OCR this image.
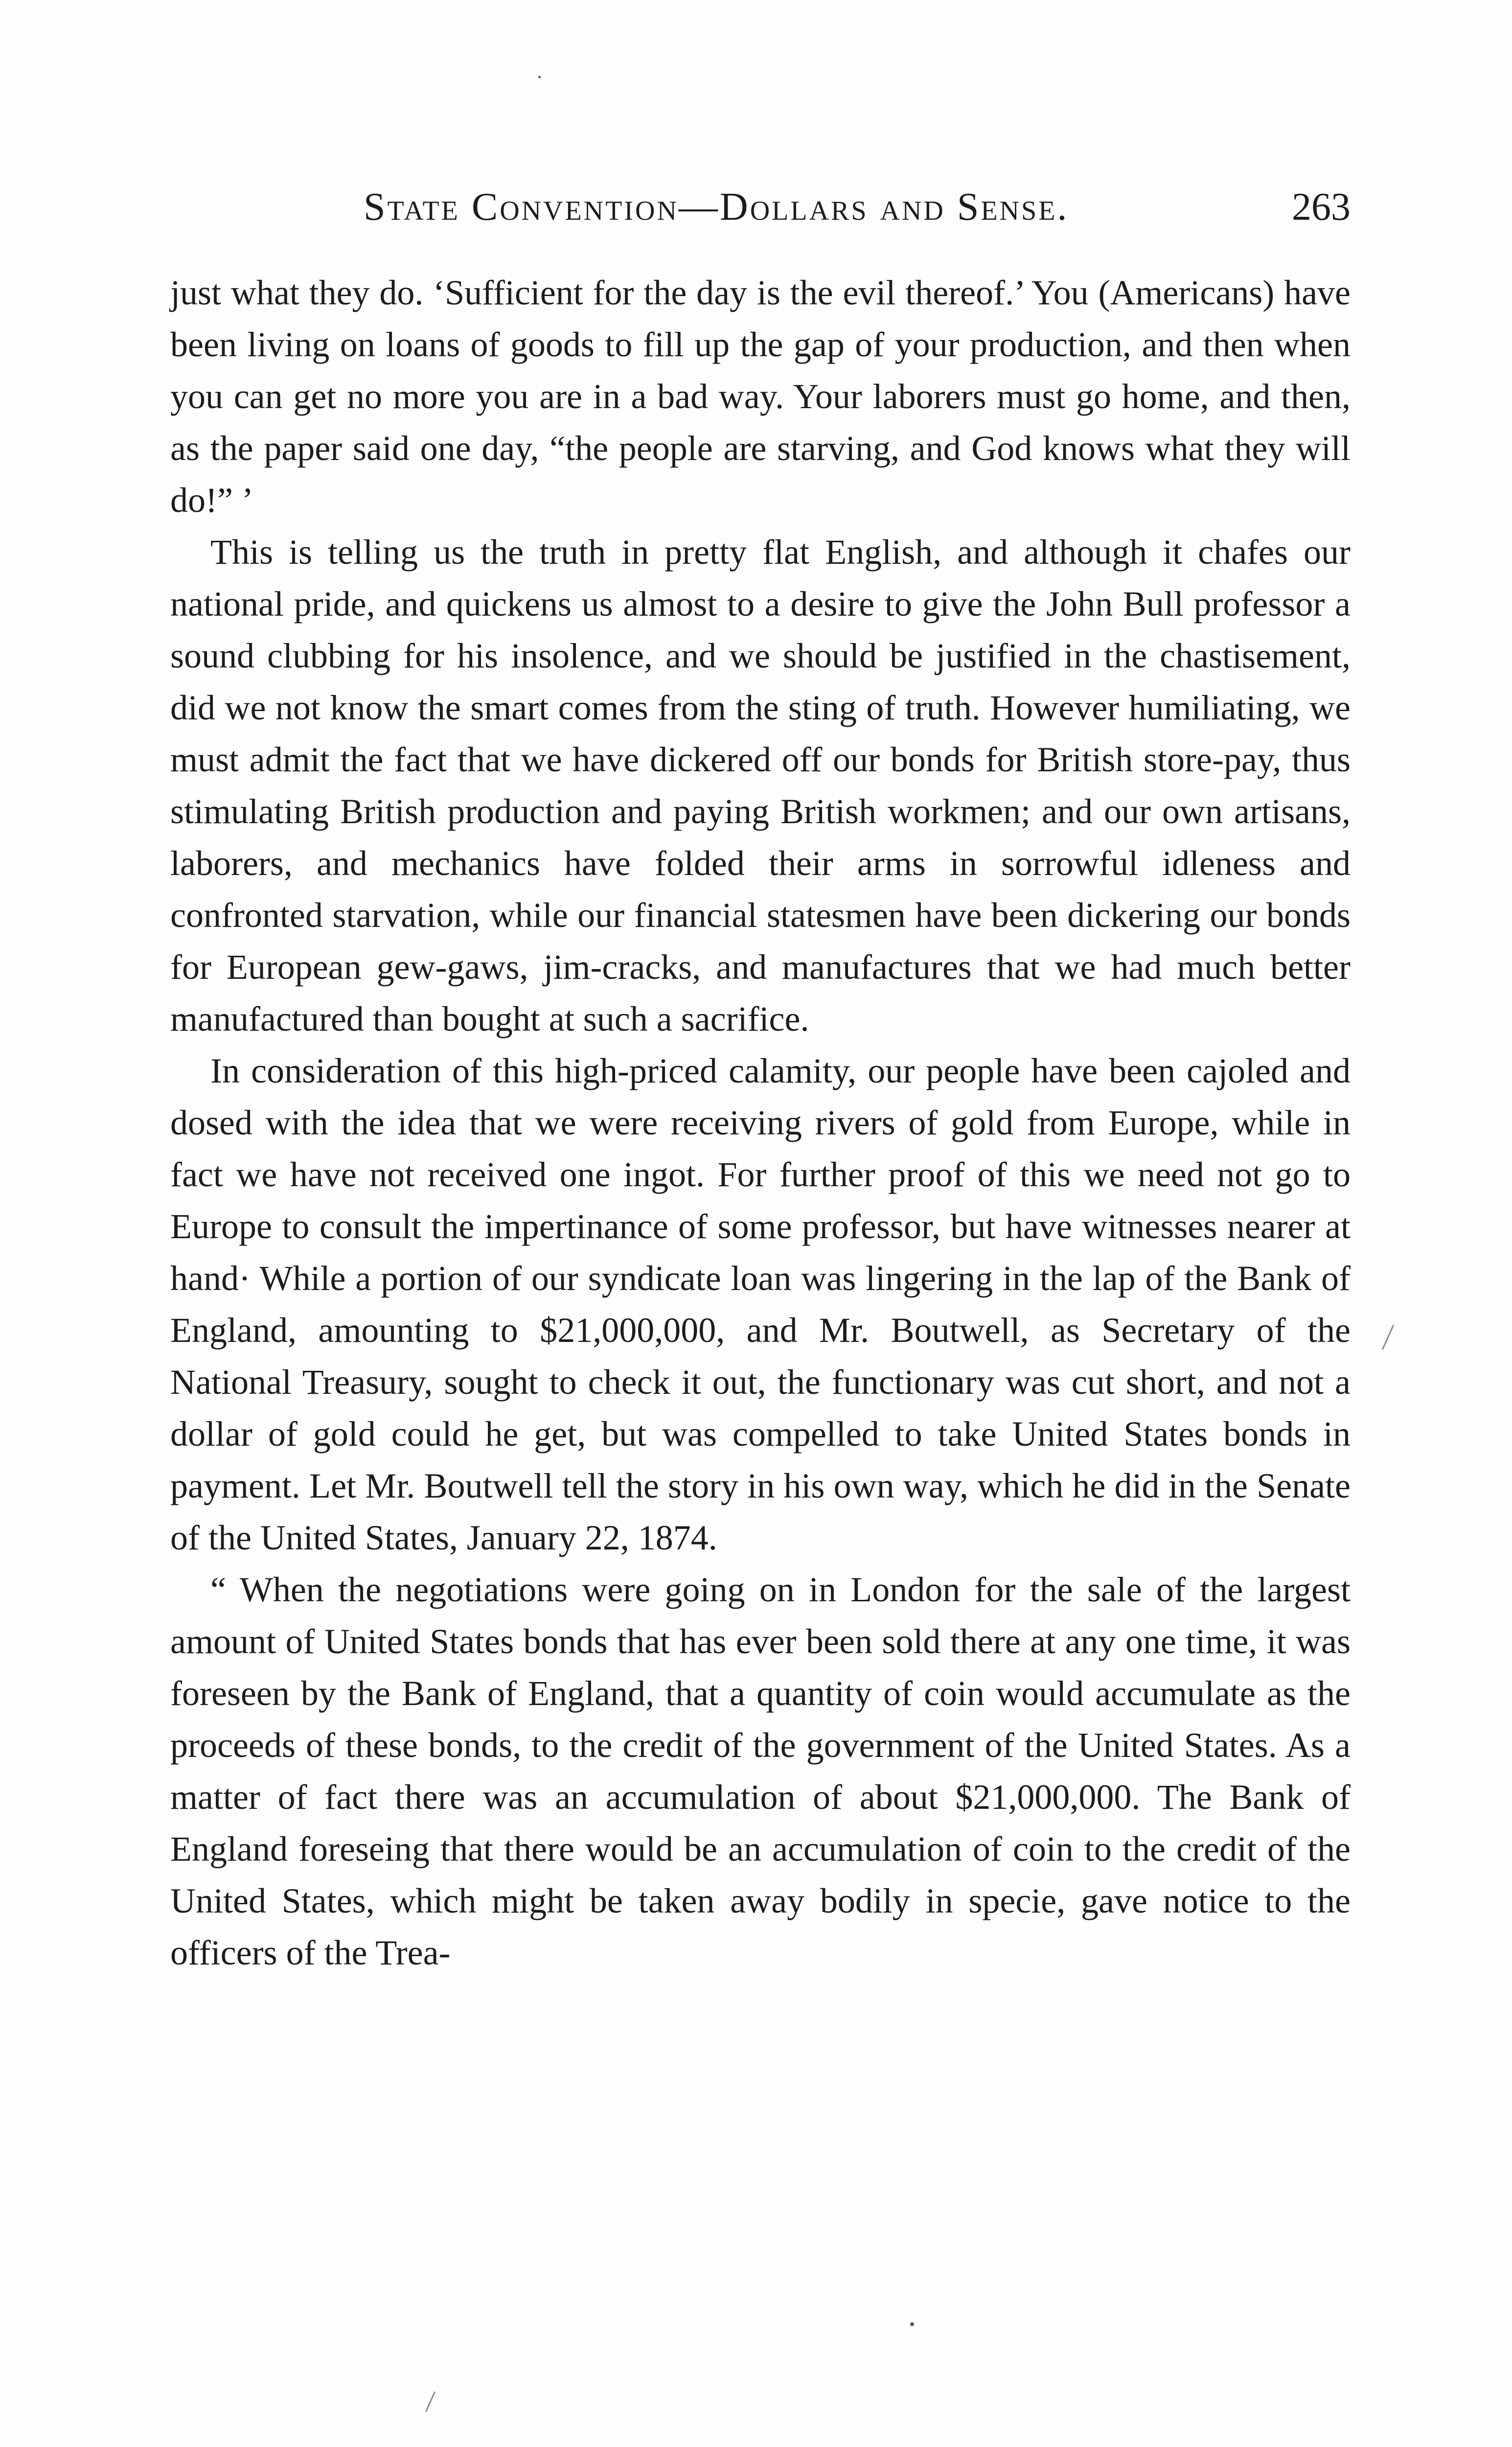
State Convention—Dollars and Sense.	263

just what they do. ‘Sufficient for the day is the evil thereof.’ You (Americans) have been living on loans of goods to fill up the gap of your production, and then when you can get no more you are in a bad way. Your laborers must go home, and then, as the paper said one day, “the people are starving, and God knows what they will do!” ’

This is telling us the truth in pretty flat English, and although it chafes our national pride, and quickens us almost to a desire to give the John Bull professor a sound clubbing for his insolence, and we should be justified in the chastisement, did we not know the smart comes from the sting of truth. However humiliating, we must admit the fact that we have dickered off our bonds for British store-pay, thus stimulating British production and paying British workmen; and our own artisans, laborers, and mechanics have folded their arms in sorrowful idleness and confronted starvation, while our financial statesmen have been dickering our bonds for European gew-gaws, jim-cracks, and manufactures that we had much better manufactured than bought at such a sacrifice.

In consideration of this high-priced calamity, our people have been cajoled and dosed with the idea that we were receiving rivers of gold from Europe, while in fact we have not received one ingot. For further proof of this we need not go to Europe to consult the impertinance of some professor, but have witnesses nearer at hand· While a portion of our syndicate loan was lingering in the lap of the Bank of England, amounting to $21,000,000, and Mr. Boutwell, as Secretary of the National Treasury, sought to check it out, the functionary was cut short, and not a dollar of gold could he get, but was compelled to take United States bonds in payment. Let Mr. Boutwell tell the story in his own way, which he did in the Senate of the United States, January 22, 1874.

“ When the negotiations were going on in London for the sale of the largest amount of United States bonds that has ever been sold there at any one time, it was foreseen by the Bank of England, that a quantity of coin would accumulate as the proceeds of these bonds, to the credit of the government of the United States. As a matter of fact there was an accumulation of about $21,000,000. The Bank of England foreseing that there would be an accumulation of coin to the credit of the United States, which might be taken away bodily in specie, gave notice to the officers of the Trea-
